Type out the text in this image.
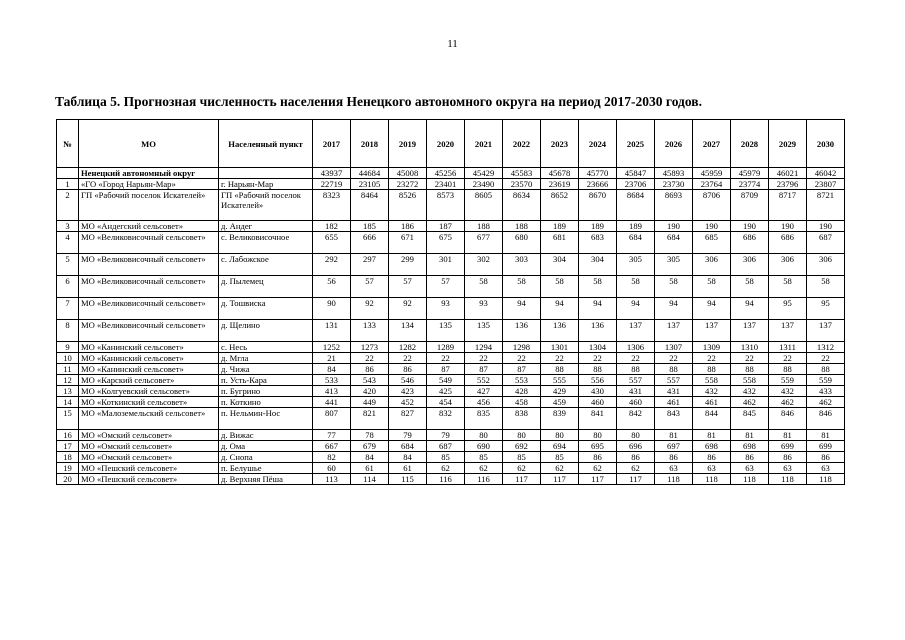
11
Таблица 5. Прогнозная численность населения Ненецкого автономного округа на период 2017-2030 годов.
№	МО	Населенный пункт	2017	2018	2019	2020	2021	2022	2023	2024	2025	2026	2027	2028	2029	2030
	Ненецкий автономный округ		43937	44684	45008	45256	45429	45583	45678	45770	45847	45893	45959	45979	46021	46042
1	«ГО «Город Нарьян-Мар»	г. Нарьян-Мар	22719	23105	23272	23401	23490	23570	23619	23666	23706	23730	23764	23774	23796	23807
2	ГП «Рабочий поселок Искателей»	ГП «Рабочий поселок Искателей»	8323	8464	8526	8573	8605	8634	8652	8670	8684	8693	8706	8709	8717	8721
3	МО «Андегский сельсовет»	д. Андег	182	185	186	187	188	188	189	189	189	190	190	190	190	190
4	МО «Великовисочный сельсовет»	с. Великовисочное	655	666	671	675	677	680	681	683	684	684	685	686	686	687
5	МО «Великовисочный сельсовет»	с. Лабожское	292	297	299	301	302	303	304	304	305	305	306	306	306	306
6	МО «Великовисочный сельсовет»	д. Пылемец	56	57	57	57	58	58	58	58	58	58	58	58	58	58
7	МО «Великовисочный сельсовет»	д. Тошвиска	90	92	92	93	93	94	94	94	94	94	94	94	95	95
8	МО «Великовисочный сельсовет»	д. Щелино	131	133	134	135	135	136	136	136	137	137	137	137	137	137
9	МО «Канинский сельсовет»	с. Несь	1252	1273	1282	1289	1294	1298	1301	1304	1306	1307	1309	1310	1311	1312
10	МО «Канинский сельсовет»	д. Мгла	21	22	22	22	22	22	22	22	22	22	22	22	22	22
11	МО «Канинский сельсовет»	д. Чижа	84	86	86	87	87	87	88	88	88	88	88	88	88	88
12	МО «Карский сельсовет»	п. Усть-Кара	533	543	546	549	552	553	555	556	557	557	558	558	559	559
13	МО «Колгуевский сельсовет»	п. Бугрино	413	420	423	425	427	428	429	430	431	431	432	432	432	433
14	МО «Коткинский сельсовет»	п. Коткино	441	449	452	454	456	458	459	460	460	461	461	462	462	462
15	МО «Малоземельский сельсовет»	п. Нельмин-Нос	807	821	827	832	835	838	839	841	842	843	844	845	846	846
16	МО «Омский сельсовет»	д. Вижас	77	78	79	79	80	80	80	80	80	81	81	81	81	81
17	МО «Омский сельсовет»	д. Ома	667	679	684	687	690	692	694	695	696	697	698	698	699	699
18	МО «Омский сельсовет»	д. Снопа	82	84	84	85	85	85	85	86	86	86	86	86	86	86
19	МО «Пешский сельсовет»	п. Белушье	60	61	61	62	62	62	62	62	62	63	63	63	63	63
20	МО «Пешский сельсовет»	д. Верхняя Пёша	113	114	115	116	116	117	117	117	117	118	118	118	118	118
